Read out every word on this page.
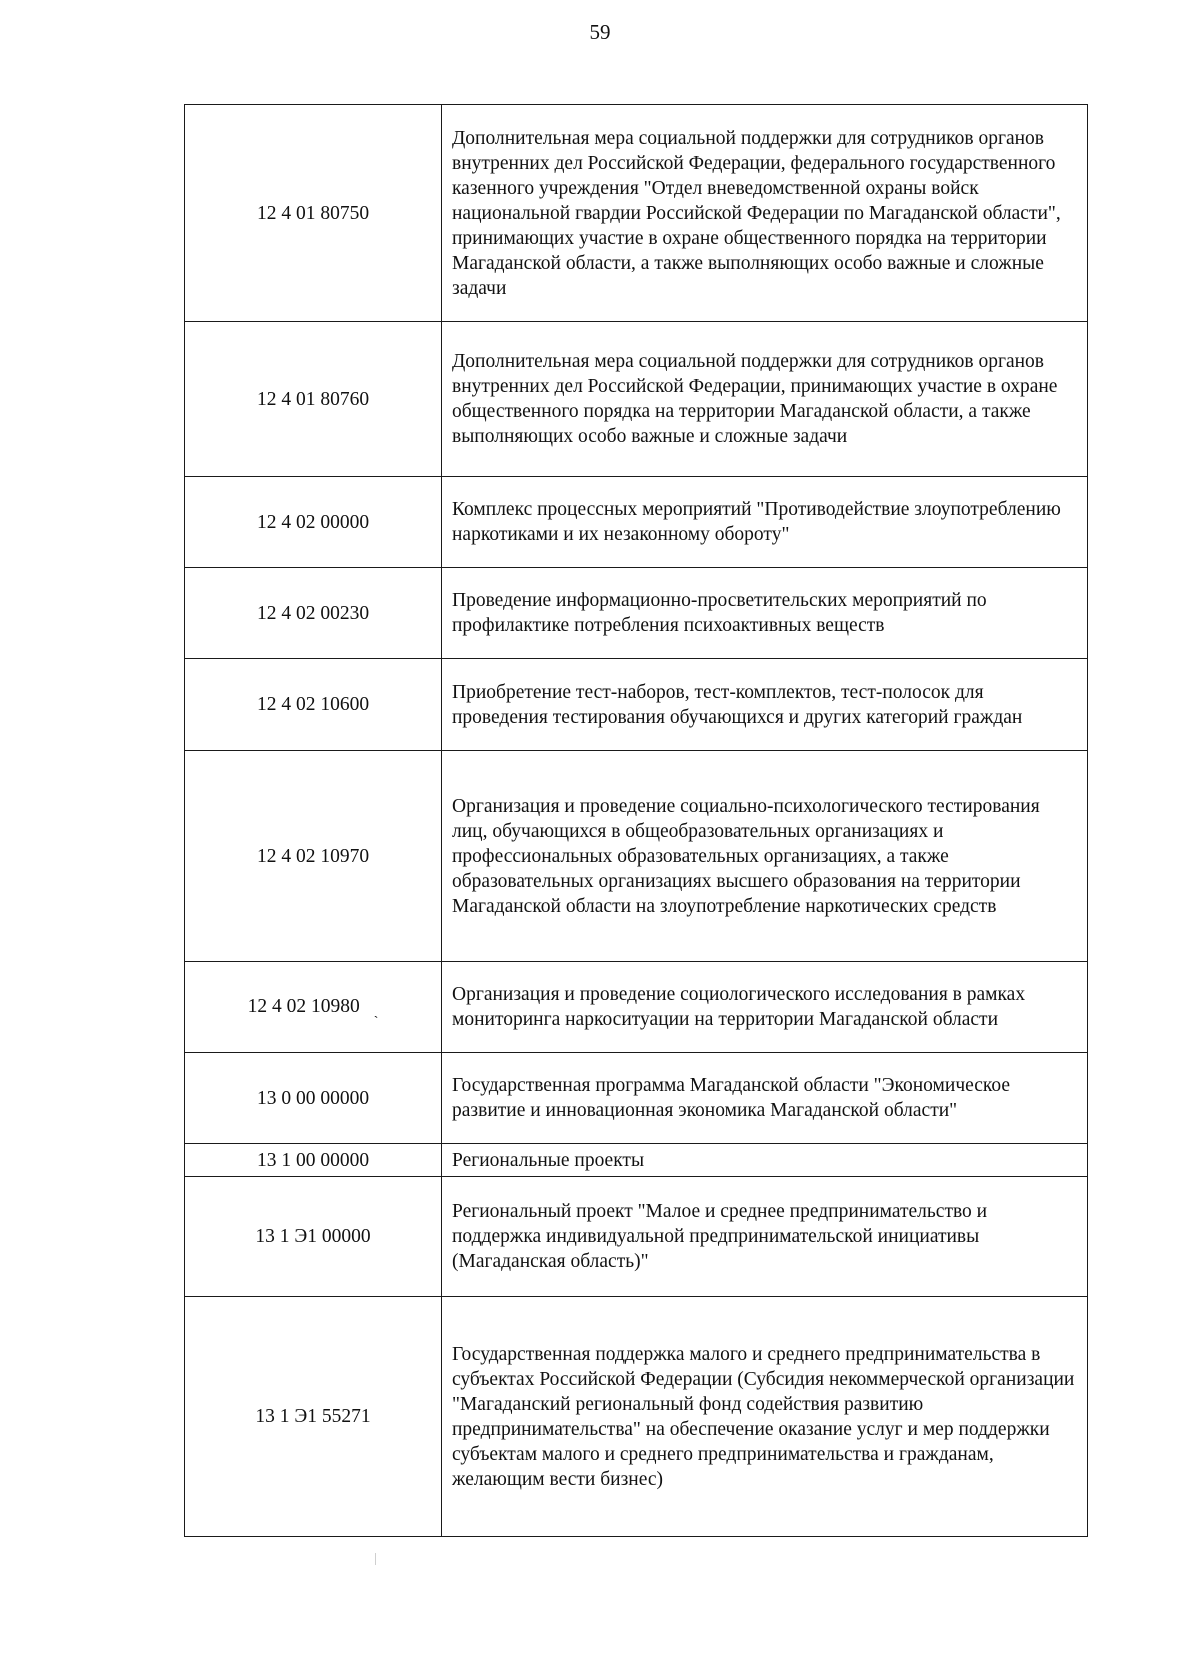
59
12 4 01 80750	Дополнительная мера социальной поддержки для сотрудников органов внутренних дел Российской Федерации, федерального государственного казенного учреждения "Отдел вневедомственной охраны войск национальной гвардии Российской Федерации по Магаданской области", принимающих участие в охране общественного порядка на территории Магаданской области, а также выполняющих особо важные и сложные задачи
12 4 01 80760	Дополнительная мера социальной поддержки для сотрудников органов внутренних дел Российской Федерации, принимающих участие в охране общественного порядка на территории Магаданской области, а также выполняющих особо важные и сложные задачи
12 4 02 00000	Комплекс процессных мероприятий "Противодействие злоупотреблению наркотиками и их незаконному обороту"
12 4 02 00230	Проведение информационно-просветительских мероприятий по профилактике потребления психоактивных веществ
12 4 02 10600	Приобретение тест-наборов, тест-комплектов, тест-полосок для проведения тестирования обучающихся и других категорий граждан
12 4 02 10970	Организация и проведение социально-психологического тестирования лиц, обучающихся в общеобразовательных организациях и профессиональных образовательных организациях, а также образовательных организациях высшего образования на территории Магаданской области на злоупотребление наркотических средств
12 4 02 10980 ˎ	Организация и проведение социологического исследования в рамках мониторинга наркоситуации на территории Магаданской области
13 0 00 00000	Государственная программа Магаданской области "Экономическое развитие и инновационная экономика Магаданской области"
13 1 00 00000	Региональные проекты
13 1 Э1 00000	Региональный проект "Малое и среднее предпринимательство и поддержка индивидуальной предпринимательской инициативы (Магаданская область)"
13 1 Э1 55271	Государственная поддержка малого и среднего предпринимательства в субъектах Российской Федерации (Субсидия некоммерческой организации "Магаданский региональный фонд содействия развитию предпринимательства" на обеспечение оказание услуг и мер поддержки субъектам малого и среднего предпринимательства и гражданам, желающим вести бизнес)
